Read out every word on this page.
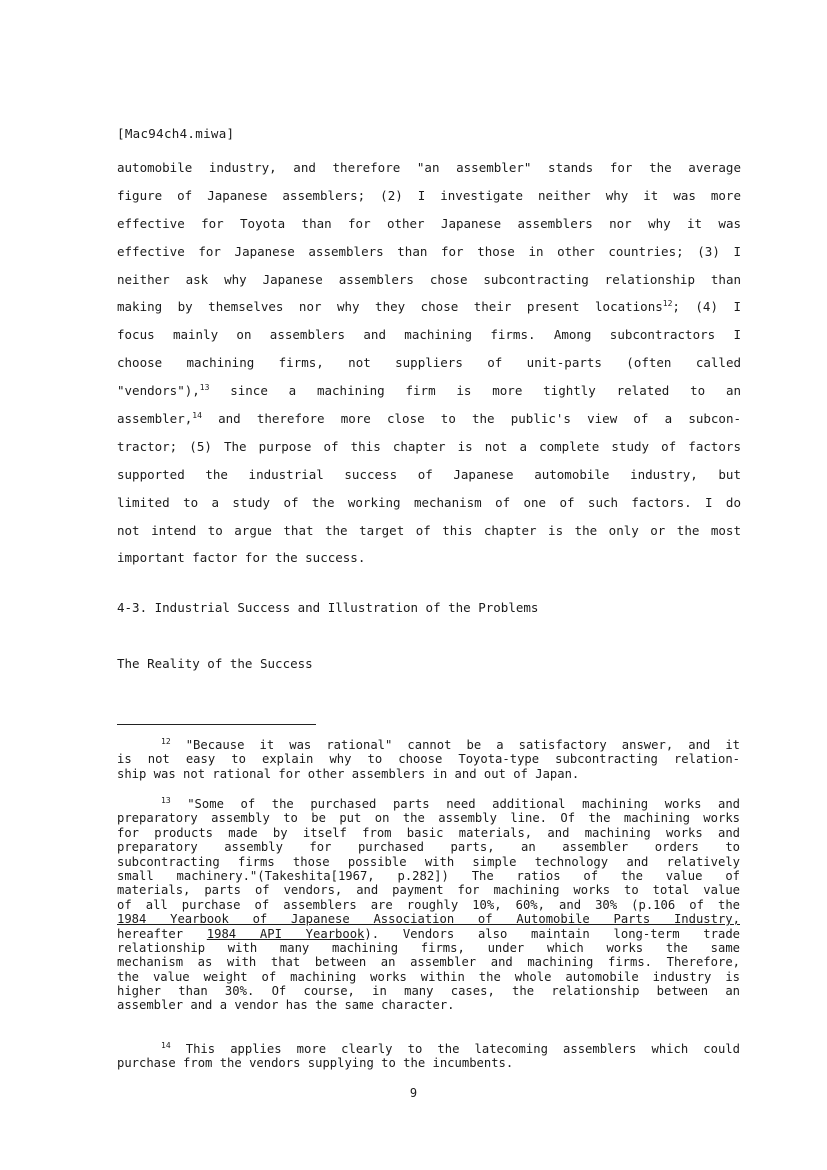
[Mac94ch4.miwa]
automobile industry, and therefore "an assembler" stands for the average
figure of Japanese assemblers; (2) I investigate neither why it was more
effective for Toyota than for other Japanese assemblers nor why it was
effective for Japanese assemblers than for those in other countries; (3) I
neither ask why Japanese assemblers chose subcontracting relationship than
making by themselves nor why they chose their present locations$^{12}$; (4) I
focus mainly on assemblers and machining firms. Among subcontractors I
choose machining firms, not suppliers of unit-parts (often called
"vendors"),$^{13}$ since a machining firm is more tightly related to an
assembler,$^{14}$ and therefore more close to the public's view of a subcon-
tractor; (5) The purpose of this chapter is not a complete study of factors
supported the industrial success of Japanese automobile industry, but
limited to a study of the working mechanism of one of such factors. I do
not intend to argue that the target of this chapter is the only or the most
important factor for the success.
4-3. Industrial Success and Illustration of the Problems
The Reality of the Success
$^{12}$ "Because it was rational" cannot be a satisfactory answer, and it
is not easy to explain why to choose Toyota-type subcontracting relation-
ship was not rational for other assemblers in and out of Japan.
$^{13}$ "Some of the purchased parts need additional machining works and
preparatory assembly to be put on the assembly line. Of the machining works
for products made by itself from basic materials, and machining works and
preparatory assembly for purchased parts, an assembler orders to
subcontracting firms those possible with simple technology and relatively
small machinery."(Takeshita[1967, p.282]) The ratios of the value of
materials, parts of vendors, and payment for machining works to total value
of all purchase of assemblers are roughly 10%, 60%, and 30% (p.106 of the
1984 Yearbook of Japanese Association of Automobile Parts Industry,
hereafter 1984 API Yearbook). Vendors also maintain long-term trade
relationship with many machining firms, under which works the same
mechanism as with that between an assembler and machining firms. Therefore,
the value weight of machining works within the whole automobile industry is
higher than 30%. Of course, in many cases, the relationship between an
assembler and a vendor has the same character.
$^{14}$ This applies more clearly to the latecoming assemblers which could
purchase from the vendors supplying to the incumbents.
9
